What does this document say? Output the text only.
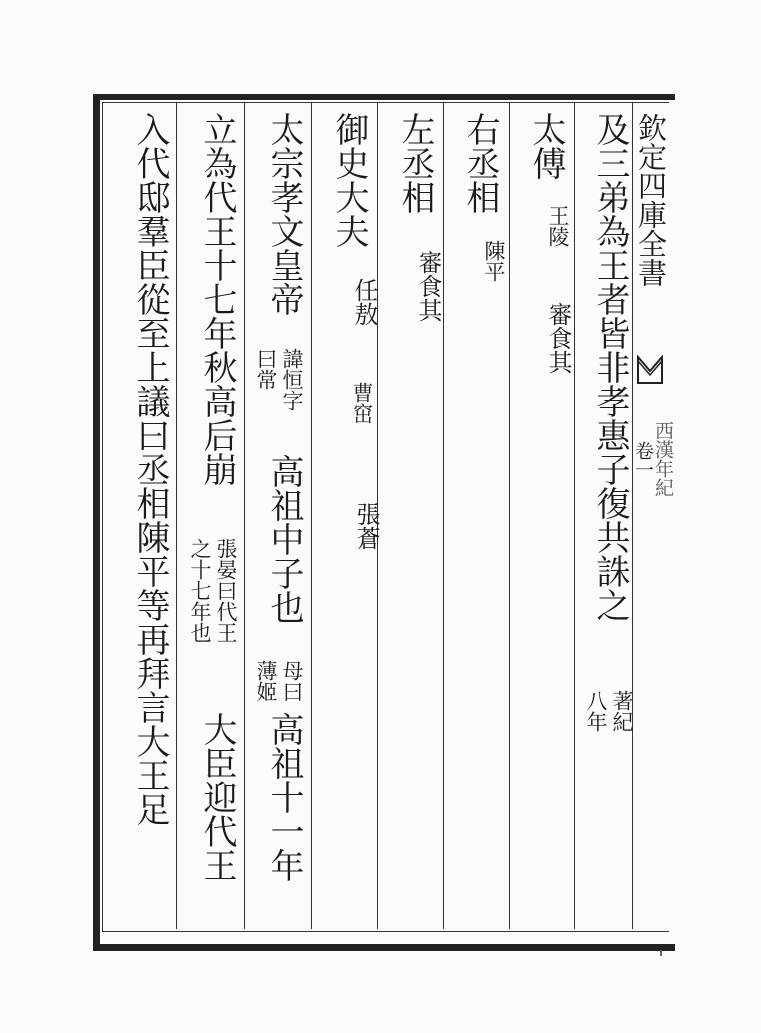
欽定四庫全書
西漢年紀
卷一
及三弟為王者皆非孝惠子復共誅之
著紀
八年
太傅
王陵
審食其
右丞相
陳平
左丞相
審食其
御史大夫
任敖
曹窋
張蒼
太宗孝文皇帝
諱恒字
曰常
高祖中子也
母曰
薄姬
高祖十一年
立為代王十七年秋高后崩
張晏曰代王
之十七年也
大臣迎代王
入代邸羣臣從至上議曰丞相陳平等再拜言大王足
